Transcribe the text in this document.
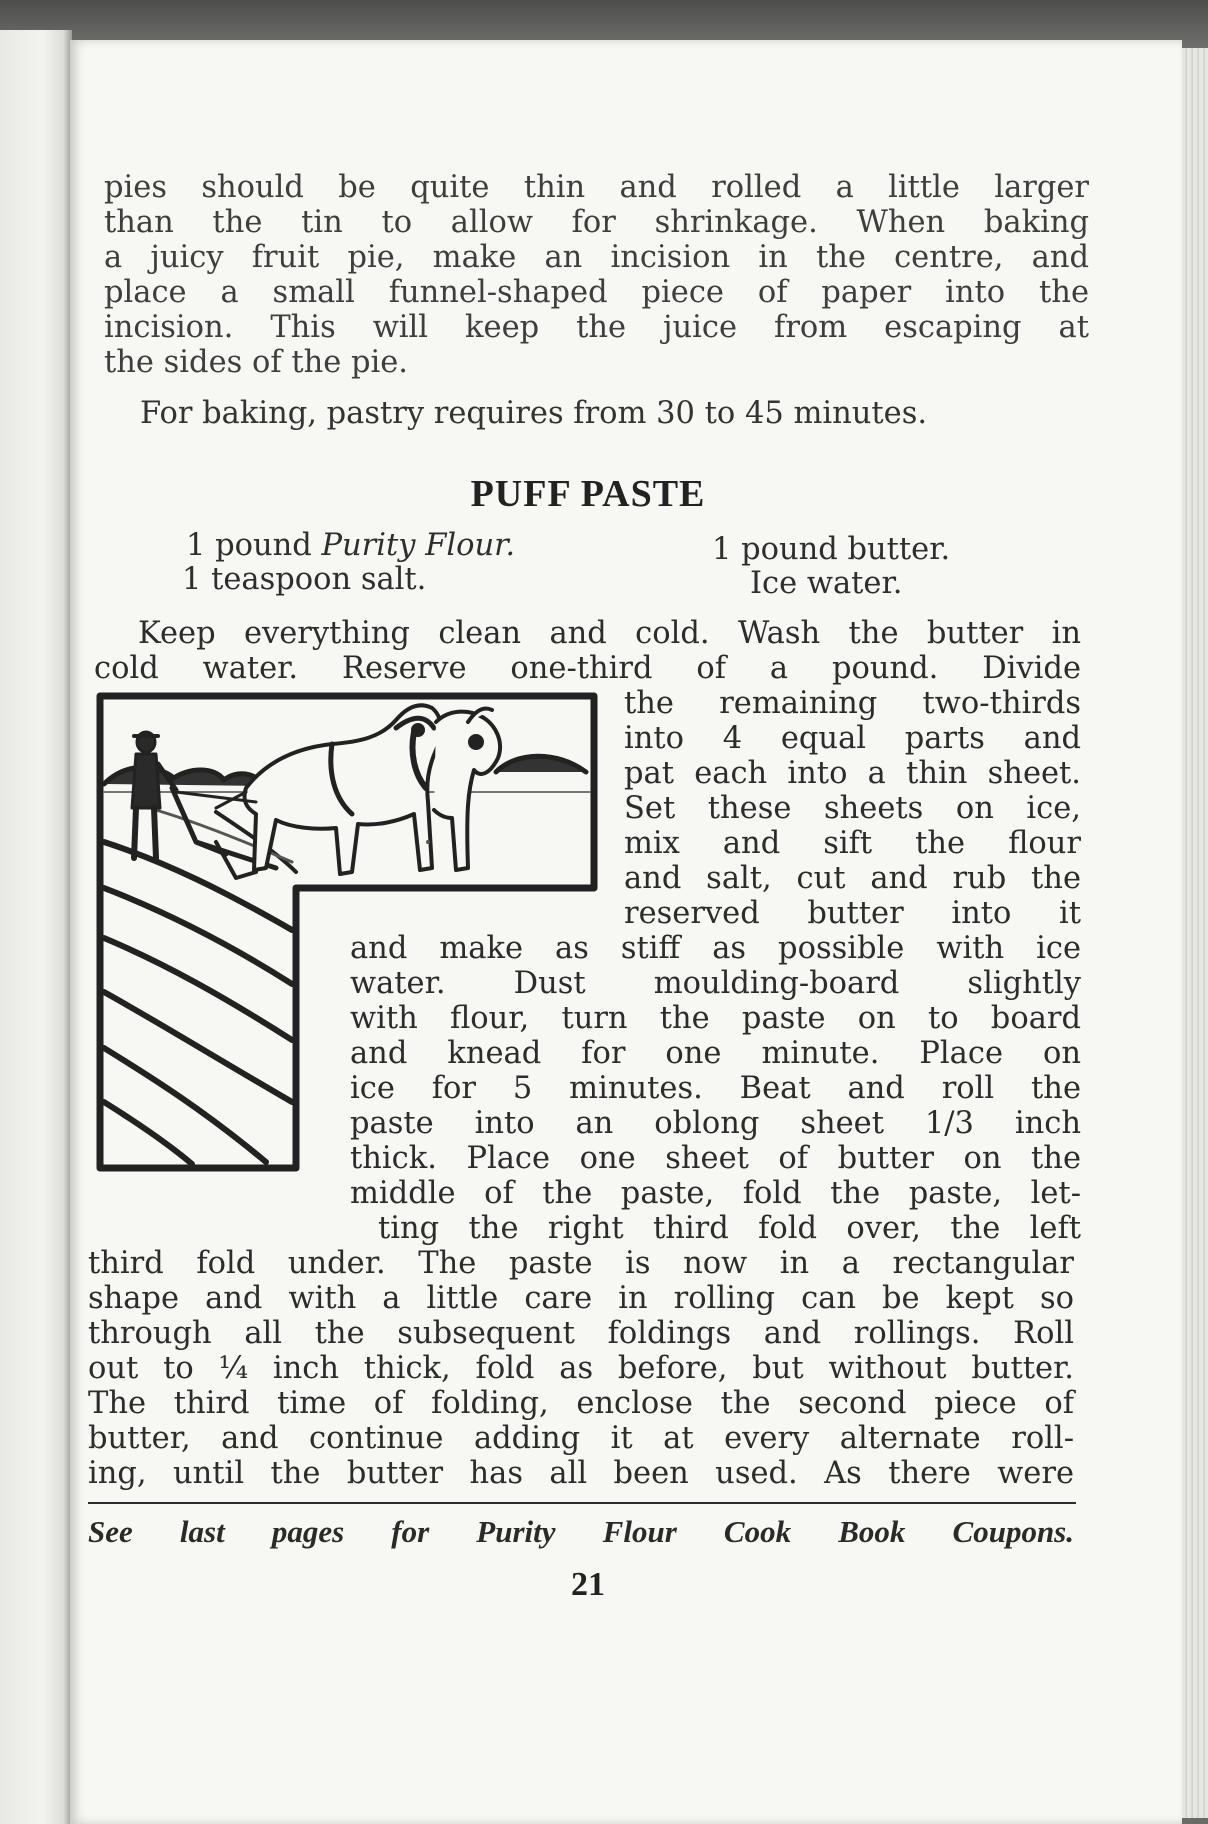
pies should be quite thin and rolled a little larger
than the tin to allow for shrinkage. When baking
a juicy fruit pie, make an incision in the centre, and
place a small funnel-shaped piece of paper into the
incision. This will keep the juice from escaping at
the sides of the pie.

For baking, pastry requires from 30 to 45 minutes.

PUFF PASTE

1 pound Purity Flour.	1 pound butter.
1 teaspoon salt.	Ice water.
Keep everything clean and cold. Wash the butter in
cold water. Reserve one-third of a pound. Divide
the remaining two-thirds
into 4 equal parts and
pat each into a thin sheet.
Set these sheets on ice,
mix and sift the flour
and salt, cut and rub the
reserved butter into it
and make as stiff as possible with ice
water. Dust moulding-board slightly
with flour, turn the paste on to board
and knead for one minute. Place on
ice for 5 minutes. Beat and roll the
paste into an oblong sheet 1/3 inch
thick. Place one sheet of butter on the
middle of the paste, fold the paste, let-
ting the right third fold over, the left
third fold under. The paste is now in a rectangular
shape and with a little care in rolling can be kept so
through all the subsequent foldings and rollings. Roll
out to ¼ inch thick, fold as before, but without butter.
The third time of folding, enclose the second piece of
butter, and continue adding it at every alternate roll-
ing, until the butter has all been used. As there were

See last pages for Purity Flour Cook Book Coupons.

21
